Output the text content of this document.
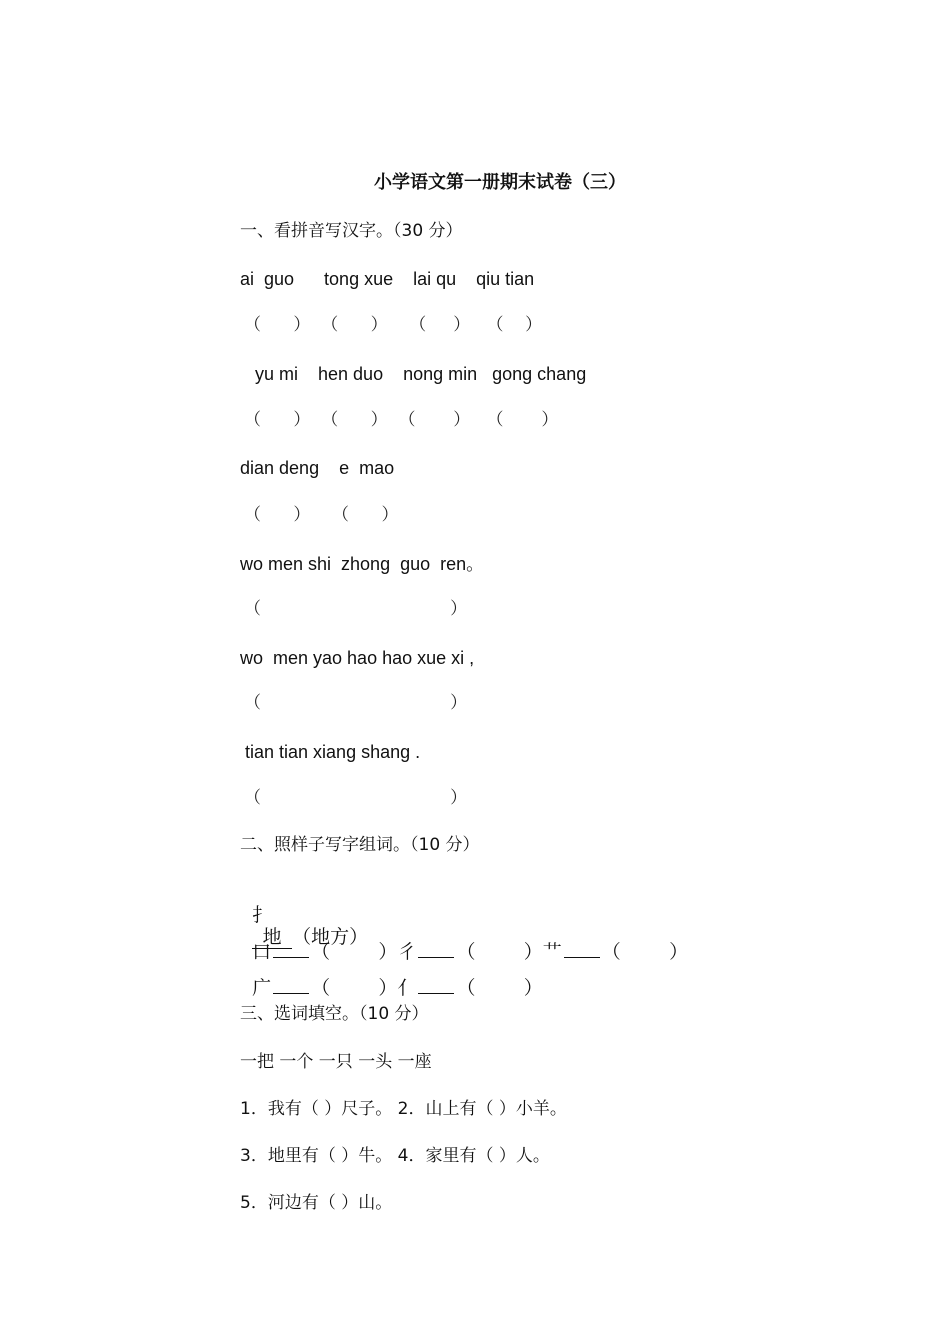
小学语文第一册期末试卷（三）
一、看拼音写汉字。（30 分）
ai  guo      tong xue    lai qu    qiu tian
（      ）  （      ）    （     ）   （    ）
yu mi    hen duo    nong min   gong chang
（      ）  （      ）  （       ）   （       ）
dian deng    e  mao
（      ）    （      ）
wo men shi  zhong  guo  ren。
（                                   ）
wo  men yao hao hao xue xi ,
（                                   ）
tian tian xiang shang .
（                                   ）
二、照样子写字组词。（10 分）

扌
地 （地方）

口 （        ）彳 （        ）艹 （        ）

广 （        ）亻 （        ）

三、选词填空。（10 分）
一把 一个 一只 一头 一座
1．我有（ ）尺子。 2．山上有（ ）小羊。
3．地里有（ ）牛。 4．家里有（ ）人。
5．河边有（ ）山。
